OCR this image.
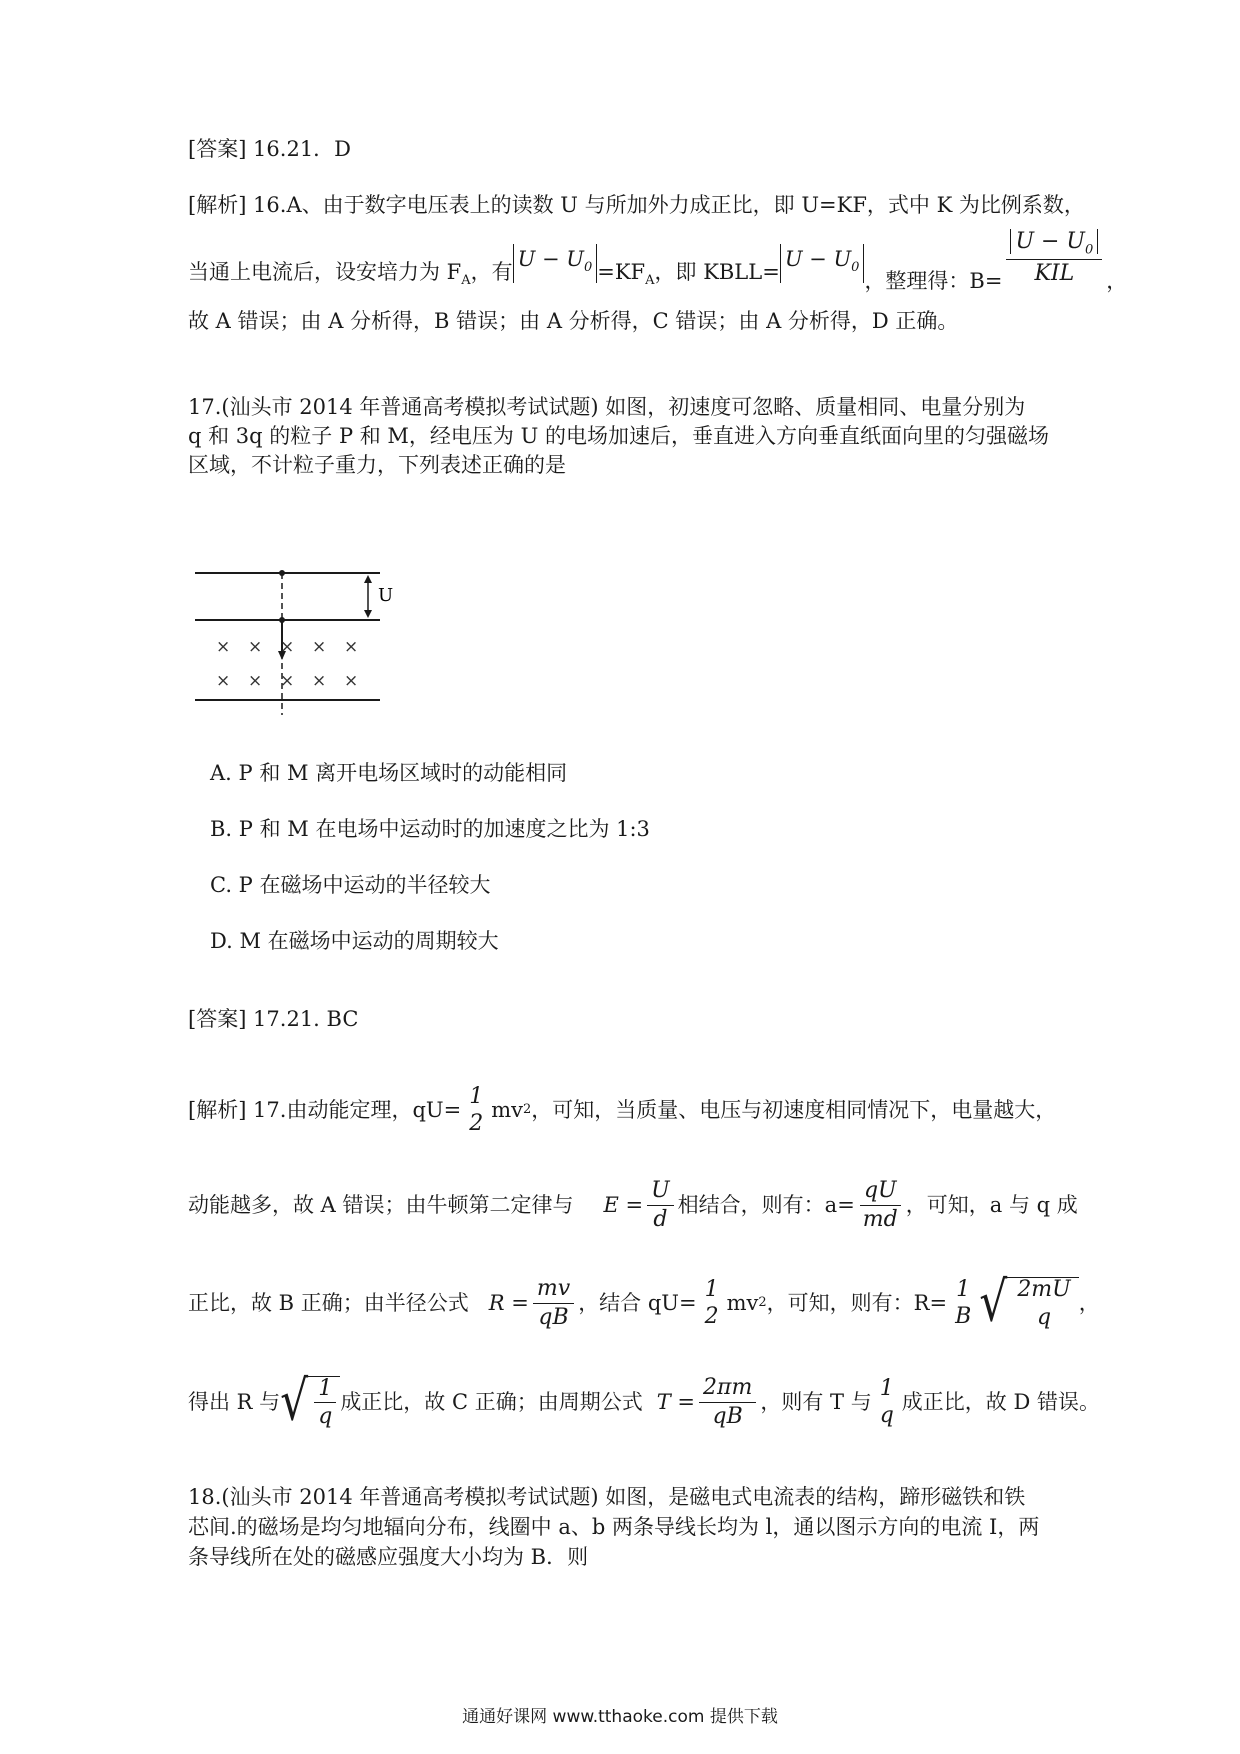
[答案] 16.21．D
[解析] 16.A、由于数字电压表上的读数 U 与所加外力成正比，即 U=KF，式中 K 为比例系数，
当通上电流后，设安培力为 $F_A$，有
$U - U_0 =KF_A$，即 KBLL=
$U - U_0$
，整理得：$B= \frac{U - U_0}{\text{KIL}}$ ，
故 A 错误；由 A 分析得，B 错误；由 A 分析得，C 错误；由 A 分析得，D 正确。
17.(汕头市 2014 年普通高考模拟考试试题) 如图，初速度可忽略、质量相同、电量分别为
q 和 3q 的粒子 P 和 M，经电压为 U 的电场加速后，垂直进入方向垂直纸面向里的匀强磁场
区域，不计粒子重力，下列表述正确的是
U
× × × × ×
× × × × ×
A. P 和 M 离开电场区域时的动能相同
B. P 和 M 在电场中运动时的加速度之比为 1:3
C. P 在磁场中运动的半径较大
D. M 在磁场中运动的周期较大
[答案] 17.21. BC
[解析] 17.由动能定理，qU=
1
2
mv 2 ，可知，当质量、电压与初速度相同情况下，电量越大，
动能越多，故 A 错误；由牛顿第二定律与 $E = \frac{U}{d}$ 相结合，则有：$a= \frac{qU}{md}$ ，可知，a 与 q 成
正比，故 B 正确；由半径公式 $R = \frac{mv}{qB}$ ，结合 qU=
1
2
mv 2 ，可知，则有：R=
1
B √ 2mU
q
，
得出 R 与 √ $\frac{1}{q}$ 成正比，故 C 正确；由周期公式 $T = \frac{2\pi m}{qB}$ ，则有 T 与
1
q
成正比，故 D 错误。
18.(汕头市 2014 年普通高考模拟考试试题) 如图，是磁电式电流表的结构，蹄形磁铁和铁
芯间.的磁场是均匀地辐向分布，线圈中 a、b 两条导线长均为 l，通以图示方向的电流 I，两
条导线所在处的磁感应强度大小均为 B．则
通通好课网 www.tthaoke.com 提供下载
